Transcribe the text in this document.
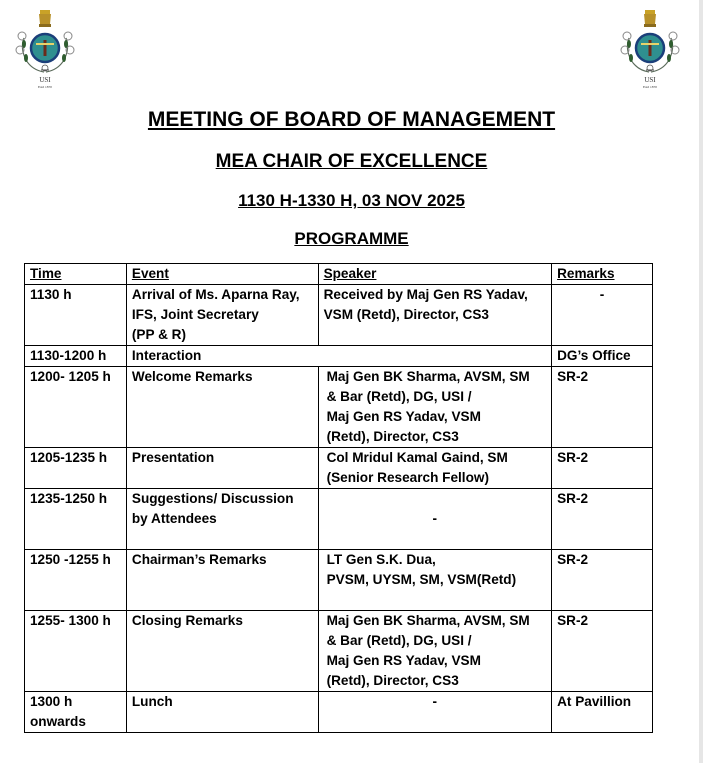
USI
Estd 1870
USI
Estd 1870
MEETING OF BOARD OF MANAGEMENT
MEA CHAIR OF EXCELLENCE
1130 H-1330 H, 03 NOV 2025
PROGRAMME
Time	Event	Speaker	Remarks
1130 h	Arrival of Ms. Aparna Ray,
IFS, Joint Secretary
(PP & R)	Received by Maj Gen RS Yadav,
VSM (Retd), Director, CS3	-
1130-1200 h	Interaction		DG’s Office
1200- 1205 h	Welcome Remarks	Maj Gen BK Sharma, AVSM, SM
& Bar (Retd), DG, USI /
Maj Gen RS Yadav, VSM
(Retd), Director, CS3	SR-2
1205-1235 h	Presentation	Col Mridul Kamal Gaind, SM
(Senior Research Fellow)	SR-2
1235-1250 h	Suggestions/ Discussion
by Attendees	-	SR-2
1250 -1255 h	Chairman’s Remarks	LT Gen S.K. Dua,
PVSM, UYSM, SM, VSM(Retd)	SR-2
1255- 1300 h	Closing Remarks	Maj Gen BK Sharma, AVSM, SM
& Bar (Retd), DG, USI /
Maj Gen RS Yadav, VSM
(Retd), Director, CS3	SR-2
1300 h
onwards	Lunch	-	At Pavillion
